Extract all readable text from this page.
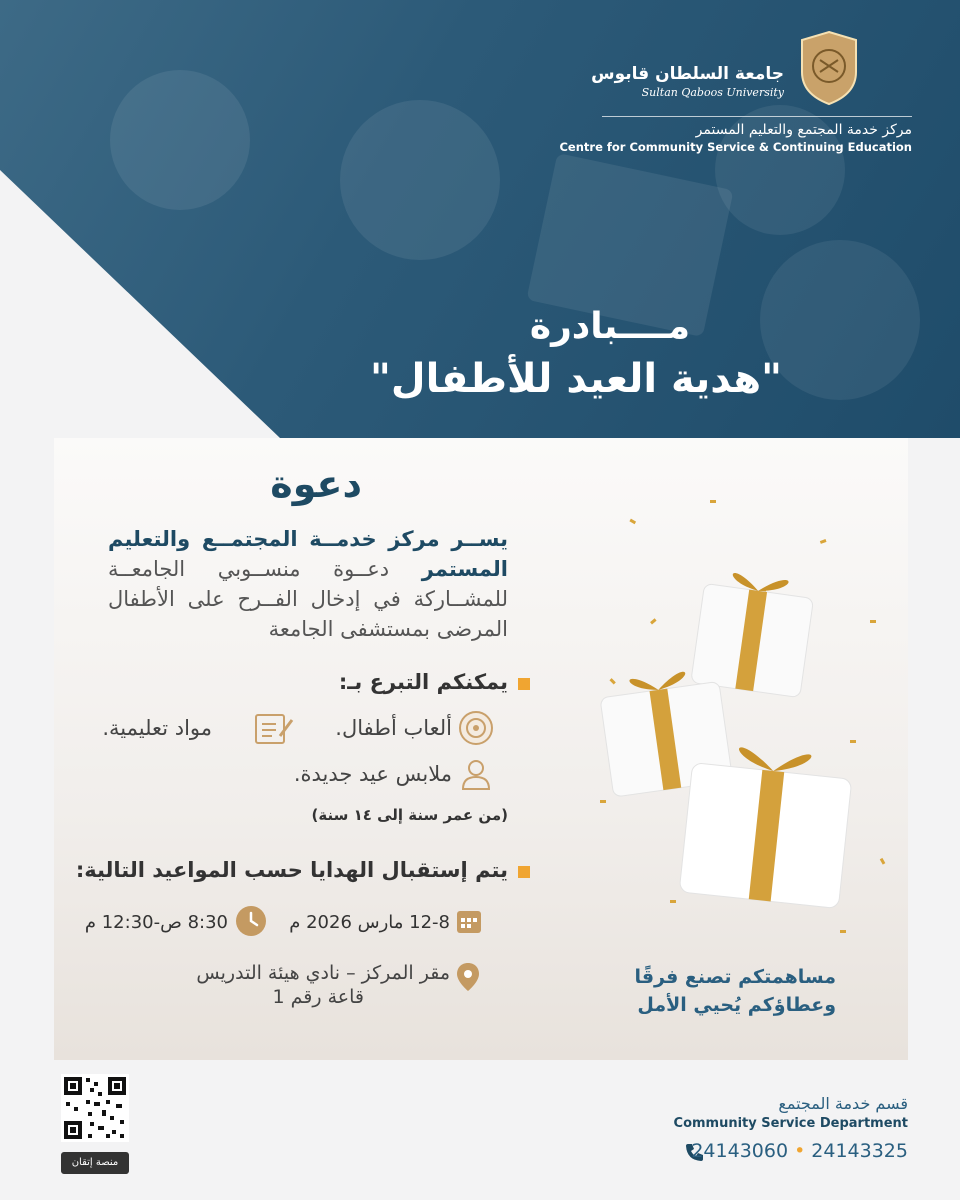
جامعة السلطان قابوس
Sultan Qaboos University
مركز خدمة المجتمع والتعليم المستمر
Centre for Community Service & Continuing Education
مــــبادرة
"هدية العيد للأطفال"
دعوة
يســر مركز خدمــة المجتمــع والتعليم المستمر دعــوة منســوبي الجامعــة للمشــاركة في إدخال الفــرح على الأطفال المرضى بمستشفى الجامعة
يمكنكم التبرع بـ:
ألعاب أطفال.
مواد تعليمية.
ملابس عيد جديدة.
(من عمر سنة إلى ١٤ سنة)
يتم إستقبال الهدايا حسب المواعيد التالية:
12-8 مارس 2026 م
8:30 ص-12:30 م
مقر المركز – نادي هيئة التدريس
قاعة رقم 1
مساهمتكم تصنع فرقًا
وعطاؤكم يُحيي الأمل
منصة إتقان
قسم خدمة المجتمع
Community Service Department
24143060 • 24143325
